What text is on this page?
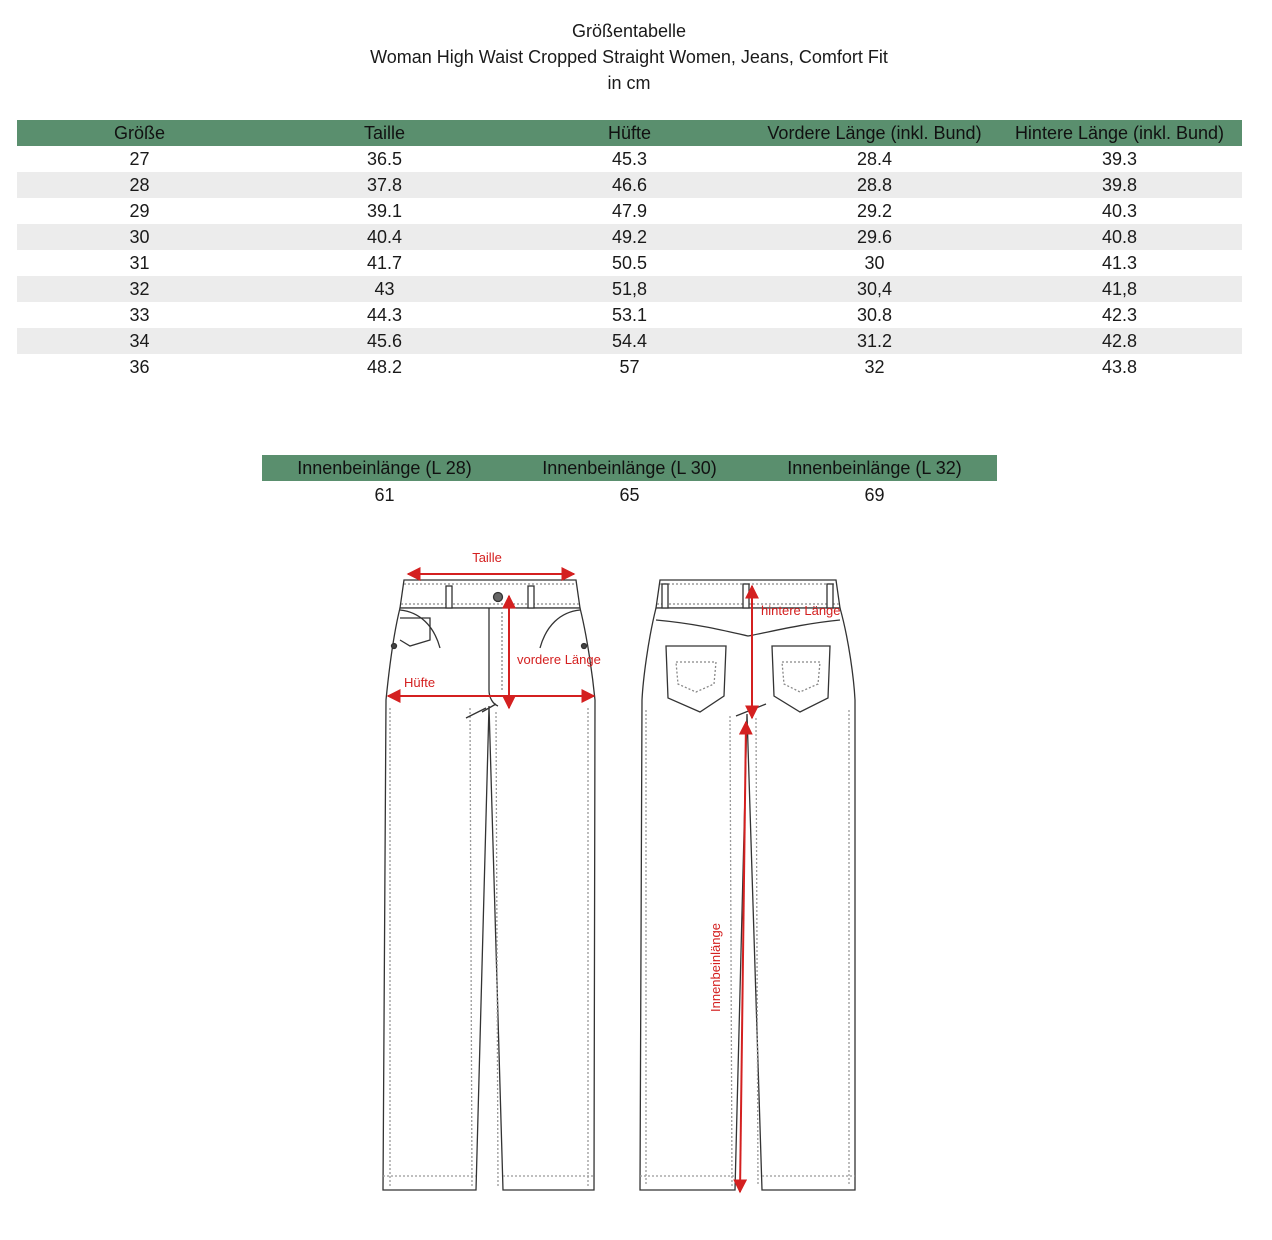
Größentabelle
Woman High Waist Cropped Straight Women, Jeans, Comfort Fit
in cm
Größe	Taille	Hüfte	Vordere Länge (inkl. Bund)	Hintere Länge (inkl. Bund)
27	36.5	45.3	28.4	39.3
28	37.8	46.6	28.8	39.8
29	39.1	47.9	29.2	40.3
30	40.4	49.2	29.6	40.8
31	41.7	50.5	30	41.3
32	43	51,8	30,4	41,8
33	44.3	53.1	30.8	42.3
34	45.6	54.4	31.2	42.8
36	48.2	57	32	43.8
Innenbeinlänge (L 28)	Innenbeinlänge (L 30)	Innenbeinlänge (L 32)
61	65	69
Taille
vordere Länge
Hüfte
hintere Länge
Innenbeinlänge
